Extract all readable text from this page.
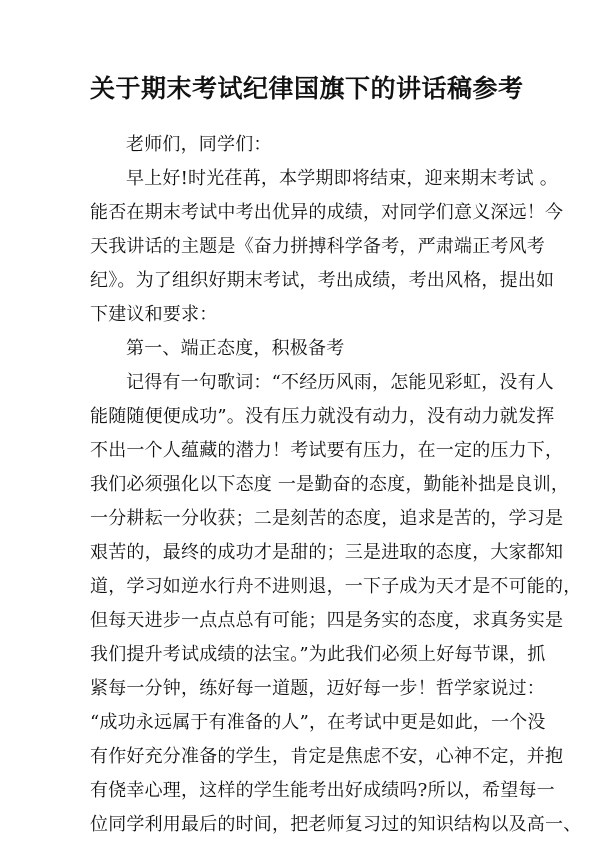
关于期末考试纪律国旗下的讲话稿参考
老师们，同学们：
早上好!时光荏苒，本学期即将结束，迎来期末考试 。
能否在期末考试中考出优异的成绩，对同学们意义深远！今
天我讲话的主题是《奋力拼搏科学备考，严肃端正考风考
纪》。为了组织好期末考试，考出成绩，考出风格，提出如
下建议和要求：
第一、端正态度，积极备考
记得有一句歌词：“不经历风雨，怎能见彩虹，没有人
能随随便便成功”。没有压力就没有动力，没有动力就发挥
不出一个人蕴藏的潜力！考试要有压力，在一定的压力下，
我们必须强化以下态度 一是勤奋的态度，勤能补拙是良训，
一分耕耘一分收获；二是刻苦的态度，追求是苦的，学习是
艰苦的，最终的成功才是甜的；三是进取的态度，大家都知
道，学习如逆水行舟不进则退，一下子成为天才是不可能的，
但每天进步一点点总有可能；四是务实的态度，求真务实是
我们提升考试成绩的法宝。”为此我们必须上好每节课，抓
紧每一分钟，练好每一道题，迈好每一步！哲学家说过：
“成功永远属于有准备的人”，在考试中更是如此，一个没
有作好充分准备的学生，肯定是焦虑不安，心神不定，并抱
有侥幸心理，这样的学生能考出好成绩吗?所以，希望每一
位同学利用最后的时间，把老师复习过的知识结构以及高一、
